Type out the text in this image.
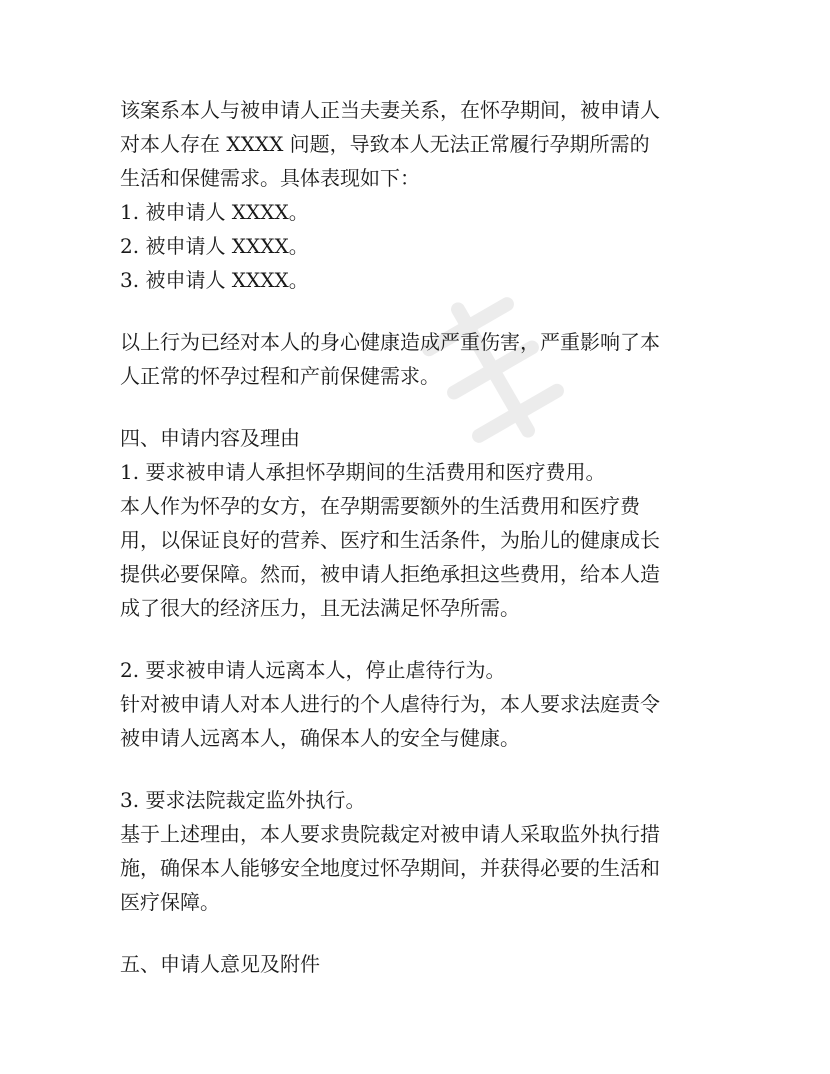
该案系本人与被申请人正当夫妻关系，在怀孕期间，被申请人
对本人存在 XXXX 问题，导致本人无法正常履行孕期所需的
生活和保健需求。具体表现如下：
1. 被申请人 XXXX。
2. 被申请人 XXXX。
3. 被申请人 XXXX。
以上行为已经对本人的身心健康造成严重伤害，严重影响了本
人正常的怀孕过程和产前保健需求。
四、申请内容及理由
1. 要求被申请人承担怀孕期间的生活费用和医疗费用。
本人作为怀孕的女方，在孕期需要额外的生活费用和医疗费
用，以保证良好的营养、医疗和生活条件，为胎儿的健康成长
提供必要保障。然而，被申请人拒绝承担这些费用，给本人造
成了很大的经济压力，且无法满足怀孕所需。
2. 要求被申请人远离本人，停止虐待行为。
针对被申请人对本人进行的个人虐待行为，本人要求法庭责令
被申请人远离本人，确保本人的安全与健康。
3. 要求法院裁定监外执行。
基于上述理由，本人要求贵院裁定对被申请人采取监外执行措
施，确保本人能够安全地度过怀孕期间，并获得必要的生活和
医疗保障。
五、申请人意见及附件
